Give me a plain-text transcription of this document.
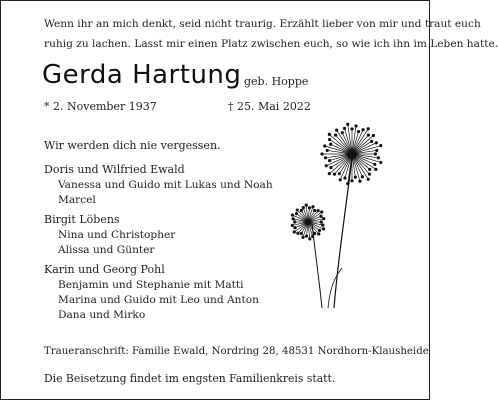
Wenn ihr an mich denkt, seid nicht traurig. Erzählt lieber von mir und traut euch
ruhig zu lachen. Lasst mir einen Platz zwischen euch, so wie ich ihn im Leben hatte.
Gerda Hartung geb. Hoppe
* 2. November 1937	† 25. Mai 2022
Wir werden dich nie vergessen.
Doris und Wilfried Ewald
Vanessa und Guido mit Lukas und Noah
Marcel
Birgit Löbens
Nina und Christopher
Alissa und Günter
Karin und Georg Pohl
Benjamin und Stephanie mit Matti
Marina und Guido mit Leo und Anton
Dana und Mirko
Traueranschrift: Familie Ewald, Nordring 28, 48531 Nordhorn-Klausheide
Die Beisetzung findet im engsten Familienkreis statt.
